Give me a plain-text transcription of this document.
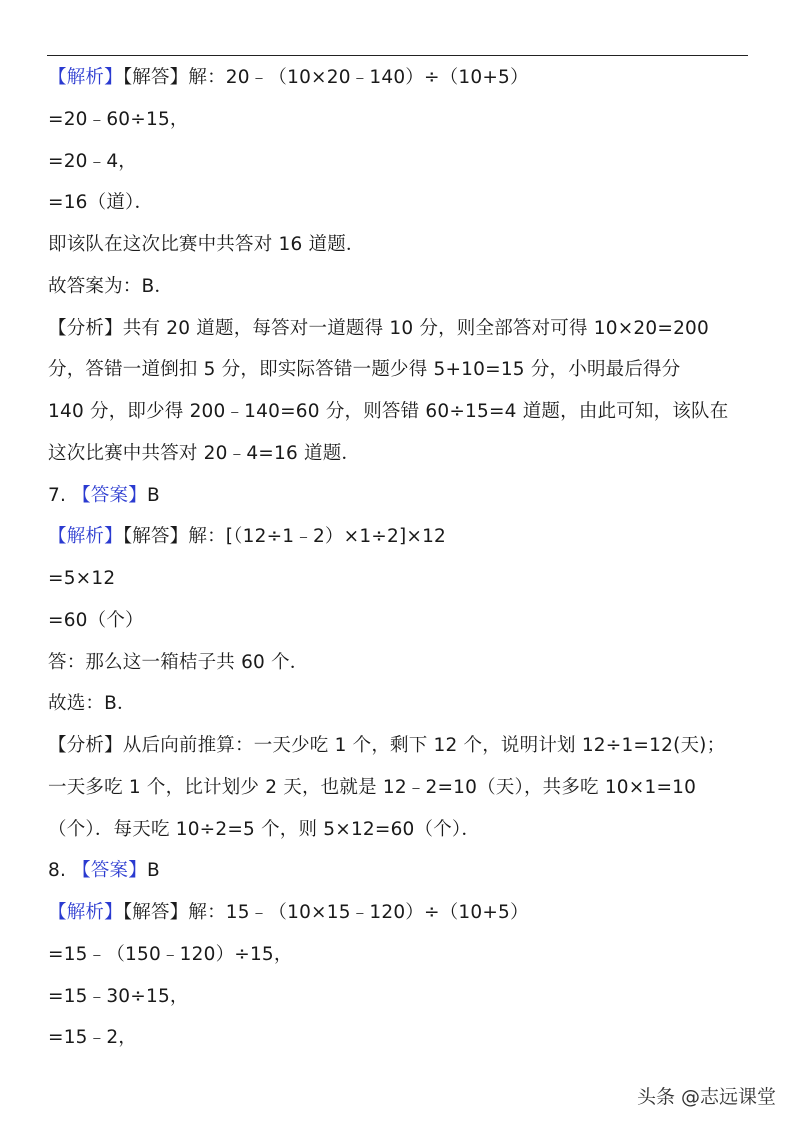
【解析】【解答】解：20﹣（10×20﹣140）÷（10+5）
=20﹣60÷15，
=20﹣4，
=16（道）．
即该队在这次比赛中共答对 16 道题．
故答案为：B．
【分析】共有 20 道题，每答对一道题得 10 分，则全部答对可得 10×20=200
分，答错一道倒扣 5 分，即实际答错一题少得 5+10=15 分，小明最后得分
140 分，即少得 200﹣140=60 分，则答错 60÷15=4 道题，由此可知，该队在
这次比赛中共答对 20﹣4=16 道题．
7. 【答案】B
【解析】【解答】解：[（12÷1﹣2）×1÷2]×12
=5×12
=60（个）
答：那么这一箱桔子共 60 个．
故选：B．
【分析】从后向前推算：一天少吃 1 个，剩下 12 个，说明计划 12÷1=12(天)；
一天多吃 1 个，比计划少 2 天，也就是 12﹣2=10（天），共多吃 10×1=10
（个）．每天吃 10÷2=5 个，则 5×12=60（个）．
8. 【答案】B
【解析】【解答】解：15﹣（10×15﹣120）÷（10+5）
=15﹣（150﹣120）÷15，
=15﹣30÷15，
=15﹣2，
头条 @志远课堂
